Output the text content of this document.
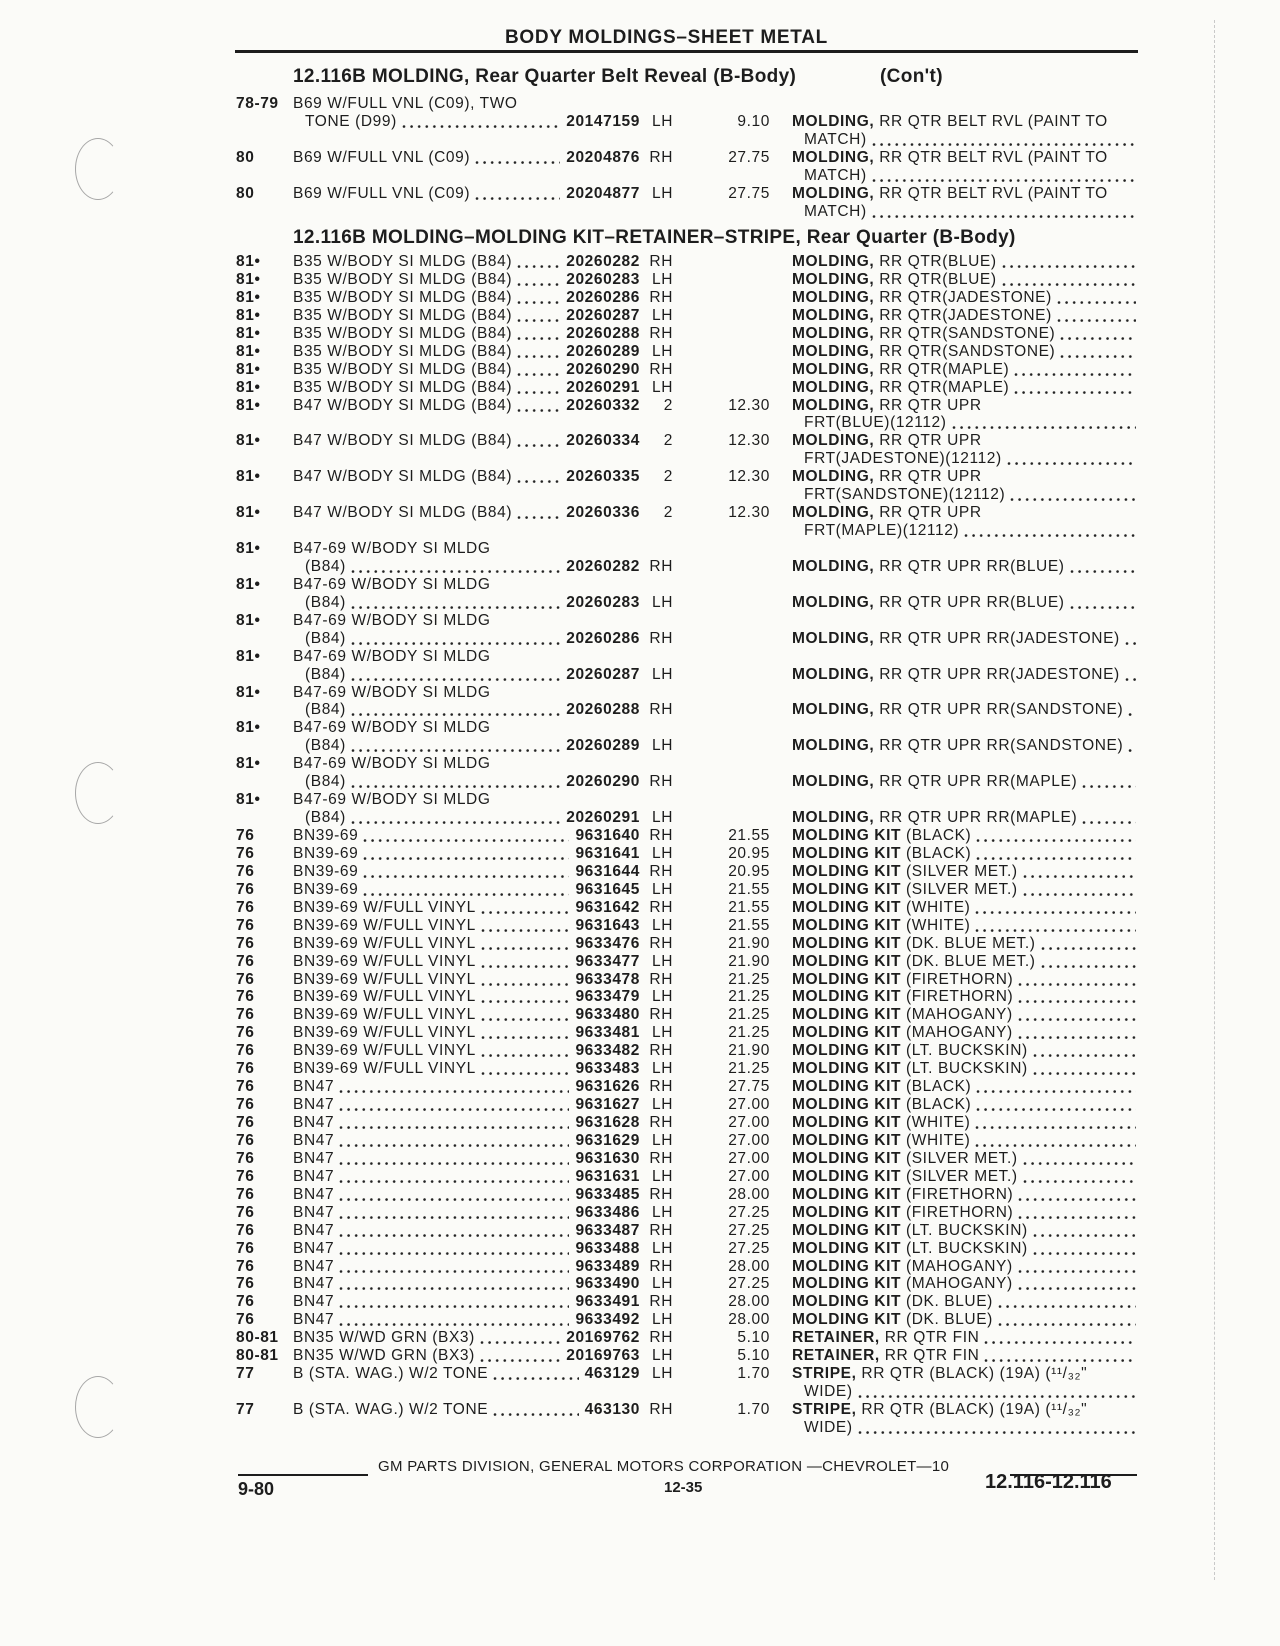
BODY MOLDINGS–SHEET METAL
12.116B MOLDING, Rear Quarter Belt Reveal (B-Body)	(Con't)
78-79 B69 W/FULL VNL (C09), TWO
TONE (D99)	20147159 LH	9.10 MOLDING, RR QTR BELT RVL (PAINT TO
MATCH)
80	B69 W/FULL VNL (C09)	20204876 RH	27.75 MOLDING, RR QTR BELT RVL (PAINT TO
MATCH)
80	B69 W/FULL VNL (C09)	20204877 LH	27.75 MOLDING, RR QTR BELT RVL (PAINT TO
MATCH)
12.116B MOLDING–MOLDING KIT–RETAINER–STRIPE, Rear Quarter (B-Body)
81•	B35 W/BODY SI MLDG (B84)	20260282 RH	MOLDING, RR QTR(BLUE)
81•	B35 W/BODY SI MLDG (B84)	20260283 LH	MOLDING, RR QTR(BLUE)
81•	B35 W/BODY SI MLDG (B84)	20260286 RH	MOLDING, RR QTR(JADESTONE)
81•	B35 W/BODY SI MLDG (B84)	20260287 LH	MOLDING, RR QTR(JADESTONE)
81•	B35 W/BODY SI MLDG (B84)	20260288 RH	MOLDING, RR QTR(SANDSTONE)
81•	B35 W/BODY SI MLDG (B84)	20260289 LH	MOLDING, RR QTR(SANDSTONE)
81•	B35 W/BODY SI MLDG (B84)	20260290 RH	MOLDING, RR QTR(MAPLE)
81•	B35 W/BODY SI MLDG (B84)	20260291 LH	MOLDING, RR QTR(MAPLE)
81•	B47 W/BODY SI MLDG (B84)	20260332	2	12.30 MOLDING, RR QTR UPR
FRT(BLUE)(12112)
81•	B47 W/BODY SI MLDG (B84)	20260334	2	12.30 MOLDING, RR QTR UPR
FRT(JADESTONE)(12112)
81•	B47 W/BODY SI MLDG (B84)	20260335	2	12.30 MOLDING, RR QTR UPR
FRT(SANDSTONE)(12112)
81•	B47 W/BODY SI MLDG (B84)	20260336	2	12.30 MOLDING, RR QTR UPR
FRT(MAPLE)(12112)
81•	B47-69 W/BODY SI MLDG
(B84)	20260282 RH	MOLDING, RR QTR UPR RR(BLUE)
81•	B47-69 W/BODY SI MLDG
(B84)	20260283 LH	MOLDING, RR QTR UPR RR(BLUE)
81•	B47-69 W/BODY SI MLDG
(B84)	20260286 RH	MOLDING, RR QTR UPR RR(JADESTONE)
81•	B47-69 W/BODY SI MLDG
(B84)	20260287 LH	MOLDING, RR QTR UPR RR(JADESTONE)
81•	B47-69 W/BODY SI MLDG
(B84)	20260288 RH	MOLDING, RR QTR UPR RR(SANDSTONE)
81•	B47-69 W/BODY SI MLDG
(B84)	20260289 LH	MOLDING, RR QTR UPR RR(SANDSTONE)
81•	B47-69 W/BODY SI MLDG
(B84)	20260290 RH	MOLDING, RR QTR UPR RR(MAPLE)
81•	B47-69 W/BODY SI MLDG
(B84)	20260291 LH	MOLDING, RR QTR UPR RR(MAPLE)
76	BN39-69	9631640 RH	21.55 MOLDING KIT (BLACK)
76	BN39-69	9631641 LH	20.95 MOLDING KIT (BLACK)
76	BN39-69	9631644 RH	20.95 MOLDING KIT (SILVER MET.)
76	BN39-69	9631645 LH	21.55 MOLDING KIT (SILVER MET.)
76	BN39-69 W/FULL VINYL	9631642 RH	21.55 MOLDING KIT (WHITE)
76	BN39-69 W/FULL VINYL	9631643 LH	21.55 MOLDING KIT (WHITE)
76	BN39-69 W/FULL VINYL	9633476 RH	21.90 MOLDING KIT (DK. BLUE MET.)
76	BN39-69 W/FULL VINYL	9633477 LH	21.90 MOLDING KIT (DK. BLUE MET.)
76	BN39-69 W/FULL VINYL	9633478 RH	21.25 MOLDING KIT (FIRETHORN)
76	BN39-69 W/FULL VINYL	9633479 LH	21.25 MOLDING KIT (FIRETHORN)
76	BN39-69 W/FULL VINYL	9633480 RH	21.25 MOLDING KIT (MAHOGANY)
76	BN39-69 W/FULL VINYL	9633481 LH	21.25 MOLDING KIT (MAHOGANY)
76	BN39-69 W/FULL VINYL	9633482 RH	21.90 MOLDING KIT (LT. BUCKSKIN)
76	BN39-69 W/FULL VINYL	9633483 LH	21.25 MOLDING KIT (LT. BUCKSKIN)
76	BN47	9631626 RH	27.75 MOLDING KIT (BLACK)
76	BN47	9631627 LH	27.00 MOLDING KIT (BLACK)
76	BN47	9631628 RH	27.00 MOLDING KIT (WHITE)
76	BN47	9631629 LH	27.00 MOLDING KIT (WHITE)
76	BN47	9631630 RH	27.00 MOLDING KIT (SILVER MET.)
76	BN47	9631631 LH	27.00 MOLDING KIT (SILVER MET.)
76	BN47	9633485 RH	28.00 MOLDING KIT (FIRETHORN)
76	BN47	9633486 LH	27.25 MOLDING KIT (FIRETHORN)
76	BN47	9633487 RH	27.25 MOLDING KIT (LT. BUCKSKIN)
76	BN47	9633488 LH	27.25 MOLDING KIT (LT. BUCKSKIN)
76	BN47	9633489 RH	28.00 MOLDING KIT (MAHOGANY)
76	BN47	9633490 LH	27.25 MOLDING KIT (MAHOGANY)
76	BN47	9633491 RH	28.00 MOLDING KIT (DK. BLUE)
76	BN47	9633492 LH	28.00 MOLDING KIT (DK. BLUE)
80-81 BN35 W/WD GRN (BX3)	20169762 RH	5.10 RETAINER, RR QTR FIN
80-81 BN35 W/WD GRN (BX3)	20169763 LH	5.10 RETAINER, RR QTR FIN
77	B (STA. WAG.) W/2 TONE	463129 LH	1.70 STRIPE, RR QTR (BLACK) (19A) (¹¹/₃₂"
WIDE)
77	B (STA. WAG.) W/2 TONE	463130 RH	1.70 STRIPE, RR QTR (BLACK) (19A) (¹¹/₃₂"
WIDE)
GM PARTS DIVISION, GENERAL MOTORS CORPORATION —CHEVROLET—10
9-80	12-35	12.116-12.116
